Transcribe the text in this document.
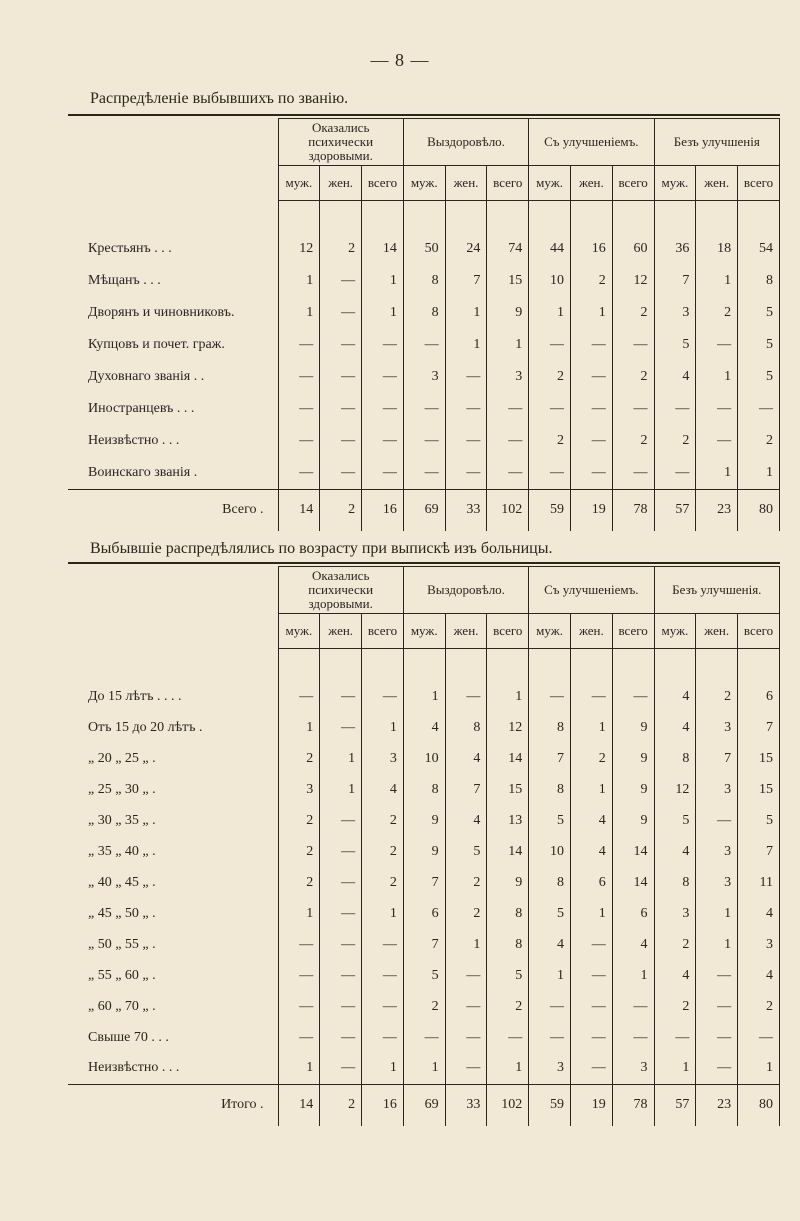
— 8 —
Распредѣленіе выбывшихъ по званію.
	Оказались психически здоровыми.			Выздоровѣло.			Съ улучшеніемъ.			Безъ улучшенія		
	муж.	жен.	всего	муж.	жен.	всего	муж.	жен.	всего	муж.	жен.	всего

Крестьянъ . . .	12	2	14	50	24	74	44	16	60	36	18	54
Мѣщанъ . . .	1	—	1	8	7	15	10	2	12	7	1	8
Дворянъ и чиновниковъ.	1	—	1	8	1	9	1	1	2	3	2	5
Купцовъ и почет. граж.	—	—	—	—	1	1	—	—	—	5	—	5
Духовнаго званія . .	—	—	—	3	—	3	2	—	2	4	1	5
Иностранцевъ . . .	—	—	—	—	—	—	—	—	—	—	—	—
Неизвѣстно . . .	—	—	—	—	—	—	2	—	2	2	—	2
Воинскаго званія .	—	—	—	—	—	—	—	—	—	—	1	1
Всего .	14	2	16	69	33	102	59	19	78	57	23	80
Выбывшіе распредѣлялись по возрасту при выпискѣ изъ больницы.
	Оказались психически здоровыми.			Выздоровѣло.			Съ улучшеніемъ.			Безъ улучшенія.		
	муж.	жен.	всего	муж.	жен.	всего	муж.	жен.	всего	муж.	жен.	всего

До 15 лѣтъ . . . .	—	—	—	1	—	1	—	—	—	4	2	6
Отъ 15 до 20 лѣтъ .	1	—	1	4	8	12	8	1	9	4	3	7
„ 20 „ 25 „ .	2	1	3	10	4	14	7	2	9	8	7	15
„ 25 „ 30 „ .	3	1	4	8	7	15	8	1	9	12	3	15
„ 30 „ 35 „ .	2	—	2	9	4	13	5	4	9	5	—	5
„ 35 „ 40 „ .	2	—	2	9	5	14	10	4	14	4	3	7
„ 40 „ 45 „ .	2	—	2	7	2	9	8	6	14	8	3	11
„ 45 „ 50 „ .	1	—	1	6	2	8	5	1	6	3	1	4
„ 50 „ 55 „ .	—	—	—	7	1	8	4	—	4	2	1	3
„ 55 „ 60 „ .	—	—	—	5	—	5	1	—	1	4	—	4
„ 60 „ 70 „ .	—	—	—	2	—	2	—	—	—	2	—	2
Свыше 70 . . .	—	—	—	—	—	—	—	—	—	—	—	—
Неизвѣстно . . .	1	—	1	1	—	1	3	—	3	1	—	1
Итого .	14	2	16	69	33	102	59	19	78	57	23	80
